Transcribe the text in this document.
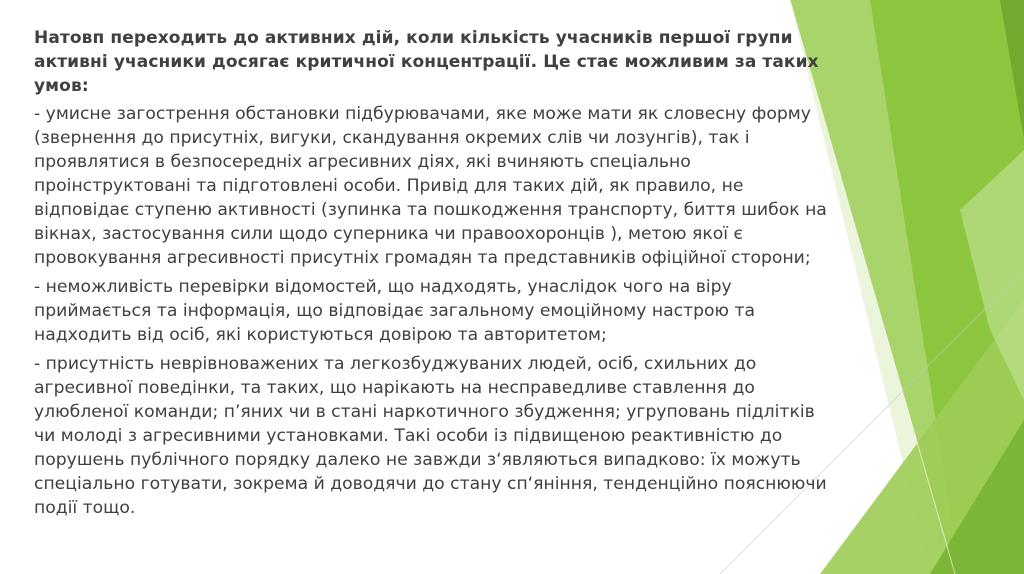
Натовп переходить до активних дій, коли кількість учасників першої групи активні учасники досягає критичної концентрації. Це стає можливим за таких умов:

- умисне загострення обстановки підбурювачами, яке може мати як словесну форму (звернення до присутніх, вигуки, скандування окремих слів чи лозунгів), так і проявлятися в безпосередніх агресивних діях, які вчиняють спеціально проінструктовані та підготовлені особи. Привід для таких дій, як правило, не відповідає ступеню активності (зупинка та пошкодження транспорту, биття шибок на вікнах, застосування сили щодо суперника чи правоохоронців ), метою якої є провокування агресивності присутніх громадян та представників офіційної сторони;

- неможливість перевірки відомостей, що надходять, унаслідок чого на віру приймається та інформація, що відповідає загальному емоційному настрою та надходить від осіб, які користуються довірою та авторитетом;

- присутність неврівноважених та легкозбуджуваних людей, осіб, схильних до агресивної поведінки, та таких, що нарікають на несправедливе ставлення до улюбленої команди; п’яних чи в стані наркотичного збудження; угруповань підлітків чи молоді з агресивними установками. Такі особи із підвищеною реактивністю до порушень публічного порядку далеко не завжди з‘являються випадково: їх можуть спеціально готувати, зокрема й доводячи до стану сп‘яніння, тенденційно пояснюючи події тощо.
